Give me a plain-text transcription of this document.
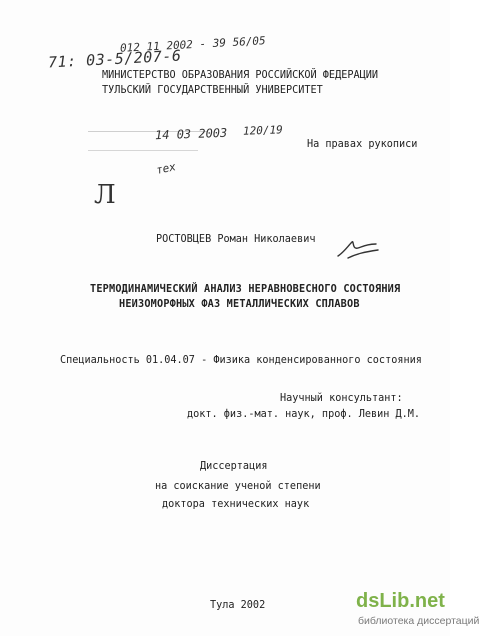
012 11 2002 - 39 56/05
71: 03-5/207-6
МИНИСТЕРСТВО ОБРАЗОВАНИЯ РОССИЙСКОЙ ФЕДЕРАЦИИ
ТУЛЬСКИЙ ГОСУДАРСТВЕННЫЙ УНИВЕРСИТЕТ
14 03 2003 120/19
На правах рукописи
тех
Л
РОСТОВЦЕВ Роман Николаевич
ТЕРМОДИНАМИЧЕСКИЙ АНАЛИЗ НЕРАВНОВЕСНОГО СОСТОЯНИЯ
НЕИЗОМОРФНЫХ ФАЗ МЕТАЛЛИЧЕСКИХ СПЛАВОВ
Специальность 01.04.07 - Физика конденсированного состояния
Научный консультант:
докт. физ.-мат. наук, проф. Левин Д.М.
Диссертация
на соискание ученой степени
доктора технических наук
Тула 2002	dsLib.net
библиотека диссертаций
